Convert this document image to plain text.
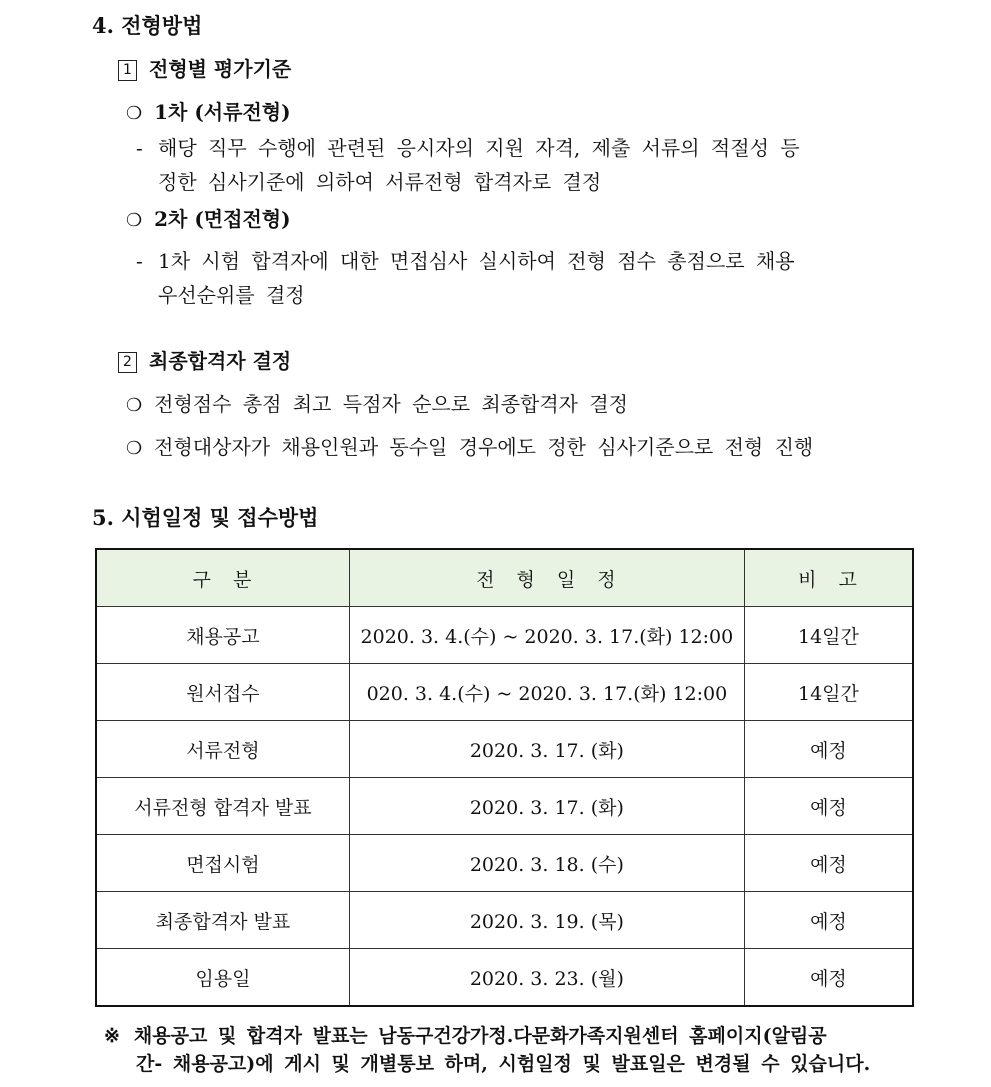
4. 전형방법
1 전형별 평가기준
❍ 1차 (서류전형)
- 해당 직무 수행에 관련된 응시자의 지원 자격, 제출 서류의 적절성 등
정한 심사기준에 의하여 서류전형 합격자로 결정
❍ 2차 (면접전형)
- 1차 시험 합격자에 대한 면접심사 실시하여 전형 점수 총점으로 채용
우선순위를 결정
2 최종합격자 결정
❍ 전형점수 총점 최고 득점자 순으로 최종합격자 결정
❍ 전형대상자가 채용인원과 동수일 경우에도 정한 심사기준으로 전형 진행
5. 시험일정 및 접수방법
구 분	전 형 일 정	비 고
채용공고	2020. 3. 4.(수) ~ 2020. 3. 17.(화) 12:00	14일간
원서접수	020. 3. 4.(수) ~ 2020. 3. 17.(화) 12:00	14일간
서류전형	2020. 3. 17. (화)	예정
서류전형 합격자 발표	2020. 3. 17. (화)	예정
면접시험	2020. 3. 18. (수)	예정
최종합격자 발표	2020. 3. 19. (목)	예정
임용일	2020. 3. 23. (월)	예정
※ 채용공고 및 합격자 발표는 남동구건강가정.다문화가족지원센터 홈페이지(알림공
간- 채용공고)에 게시 및 개별통보 하며, 시험일정 및 발표일은 변경될 수 있습니다.
